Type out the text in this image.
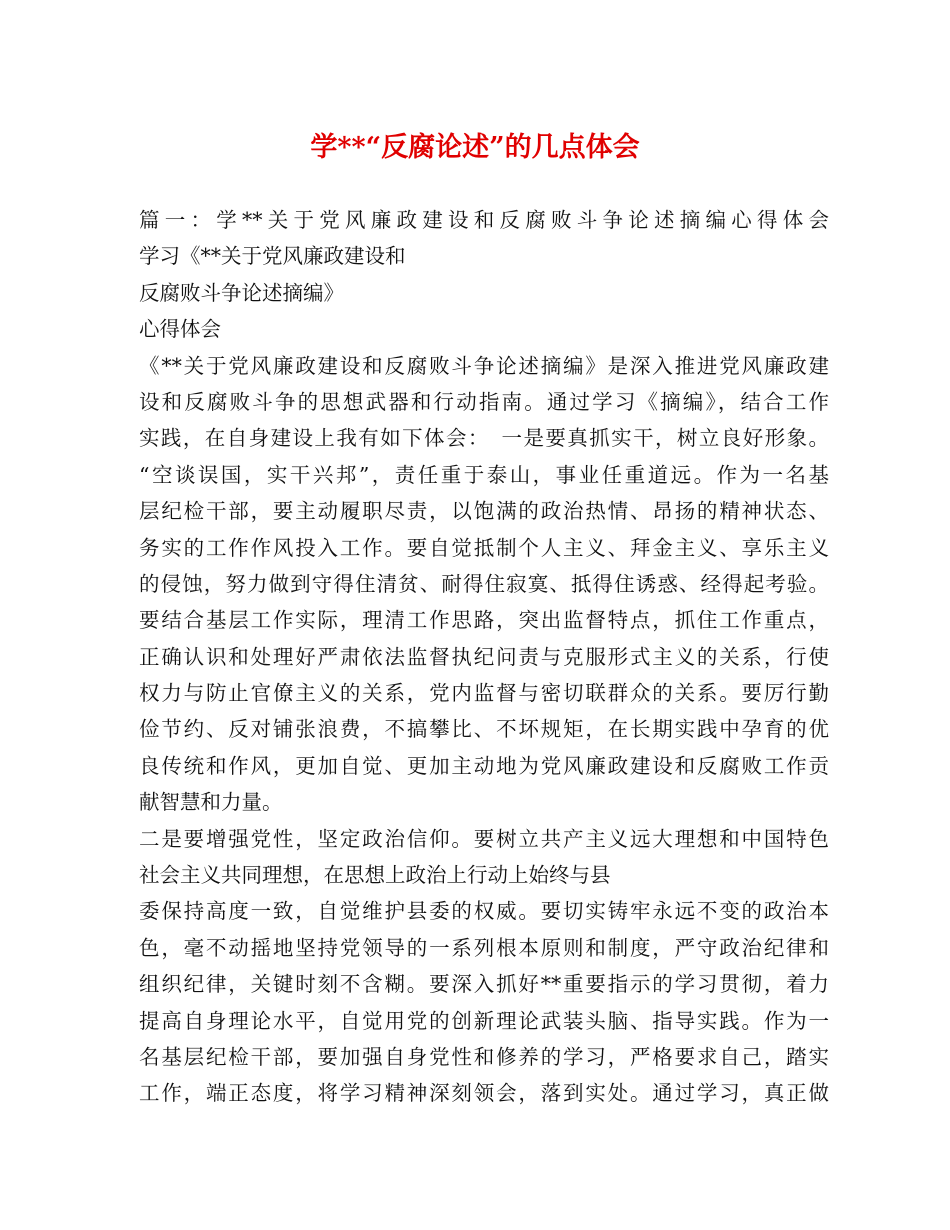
学**“反腐论述”的几点体会
篇一：学**关于党风廉政建设和反腐败斗争论述摘编心得体会
学习《**关于党风廉政建设和
反腐败斗争论述摘编》
心得体会
《**关于党风廉政建设和反腐败斗争论述摘编》是深入推进党风廉政建
设和反腐败斗争的思想武器和行动指南。通过学习《摘编》，结合工作
实践，在自身建设上我有如下体会：　一是要真抓实干，树立良好形象。
“空谈误国，实干兴邦”，责任重于泰山，事业任重道远。作为一名基
层纪检干部，要主动履职尽责，以饱满的政治热情、昂扬的精神状态、
务实的工作作风投入工作。要自觉抵制个人主义、拜金主义、享乐主义
的侵蚀，努力做到守得住清贫、耐得住寂寞、抵得住诱惑、经得起考验。
要结合基层工作实际，理清工作思路，突出监督特点，抓住工作重点，
正确认识和处理好严肃依法监督执纪问责与克服形式主义的关系，行使
权力与防止官僚主义的关系，党内监督与密切联群众的关系。要厉行勤
俭节约、反对铺张浪费，不搞攀比、不坏规矩，在长期实践中孕育的优
良传统和作风，更加自觉、更加主动地为党风廉政建设和反腐败工作贡
献智慧和力量。
二是要增强党性，坚定政治信仰。要树立共产主义远大理想和中国特色
社会主义共同理想，在思想上政治上行动上始终与县
委保持高度一致，自觉维护县委的权威。要切实铸牢永远不变的政治本
色，毫不动摇地坚持党领导的一系列根本原则和制度，严守政治纪律和
组织纪律，关键时刻不含糊。要深入抓好**重要指示的学习贯彻，着力
提高自身理论水平，自觉用党的创新理论武装头脑、指导实践。作为一
名基层纪检干部，要加强自身党性和修养的学习，严格要求自己，踏实
工作，端正态度，将学习精神深刻领会，落到实处。通过学习，真正做
